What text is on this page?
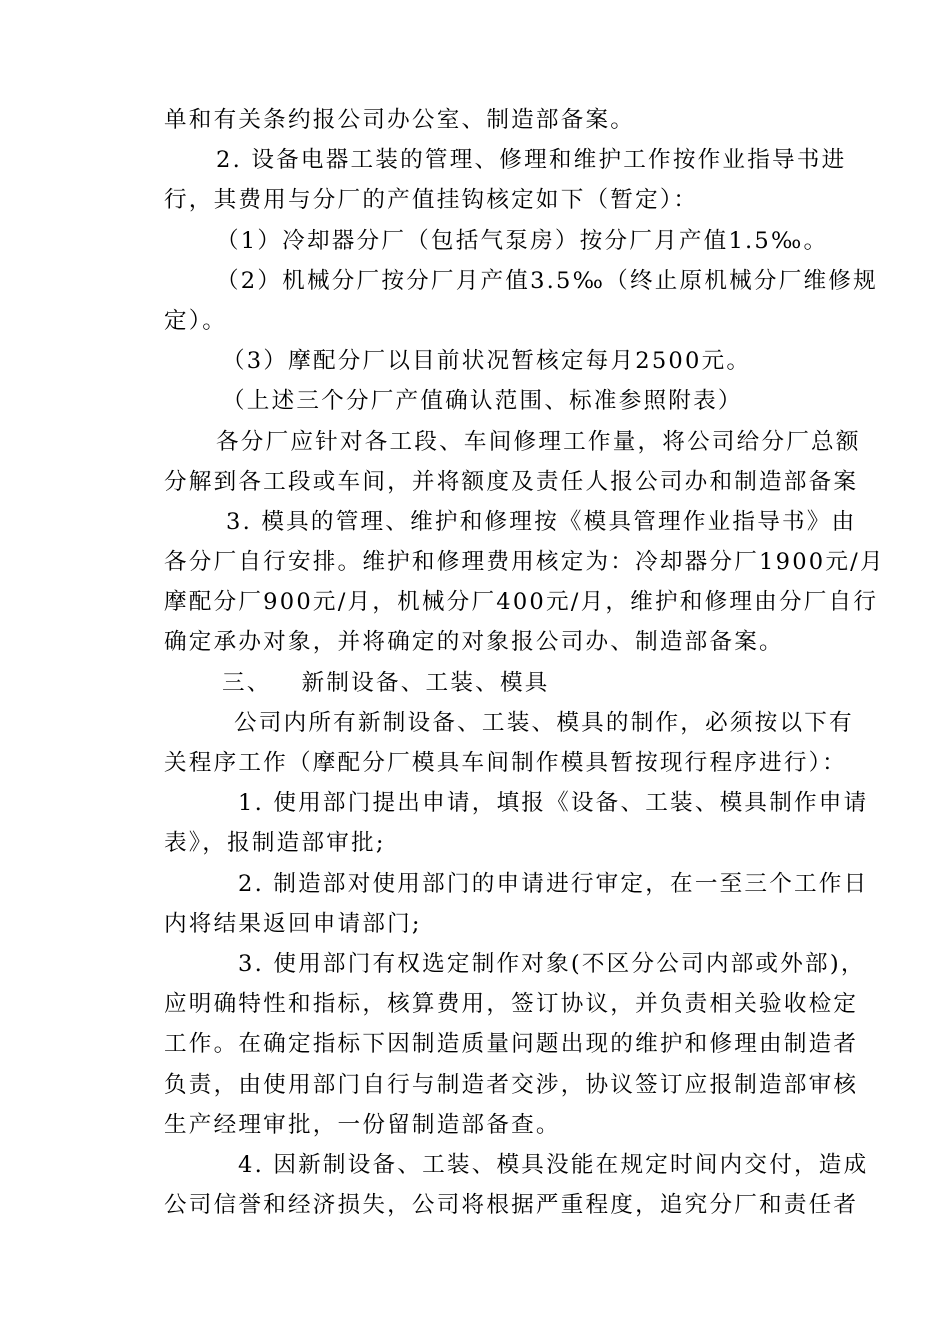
单和有关条约报公司办公室、制造部备案。
2. 设备电器工装的管理、修理和维护工作按作业指导书进
行，其费用与分厂的产值挂钩核定如下（暂定）：
（1）冷却器分厂（包括气泵房）按分厂月产值1.5‰。
（2）机械分厂按分厂月产值3.5‰（终止原机械分厂维修规
定）。
（3）摩配分厂以目前状况暂核定每月2500元。
（上述三个分厂产值确认范围、标准参照附表）
各分厂应针对各工段、车间修理工作量，将公司给分厂总额
分解到各工段或车间，并将额度及责任人报公司办和制造部备案
3. 模具的管理、维护和修理按《模具管理作业指导书》由
各分厂自行安排。维护和修理费用核定为：冷却器分厂1900元/月
摩配分厂900元/月，机械分厂400元/月，维护和修理由分厂自行
确定承办对象，并将确定的对象报公司办、制造部备案。
三、 新制设备、工装、模具
公司内所有新制设备、工装、模具的制作，必须按以下有
关程序工作（摩配分厂模具车间制作模具暂按现行程序进行）：
1. 使用部门提出申请，填报《设备、工装、模具制作申请
表》，报制造部审批;
2. 制造部对使用部门的申请进行审定，在一至三个工作日
内将结果返回申请部门;
3. 使用部门有权选定制作对象(不区分公司内部或外部)，
应明确特性和指标，核算费用，签订协议，并负责相关验收检定
工作。在确定指标下因制造质量问题出现的维护和修理由制造者
负责，由使用部门自行与制造者交涉，协议签订应报制造部审核
生产经理审批，一份留制造部备查。
4. 因新制设备、工装、模具没能在规定时间内交付，造成
公司信誉和经济损失，公司将根据严重程度，追究分厂和责任者
